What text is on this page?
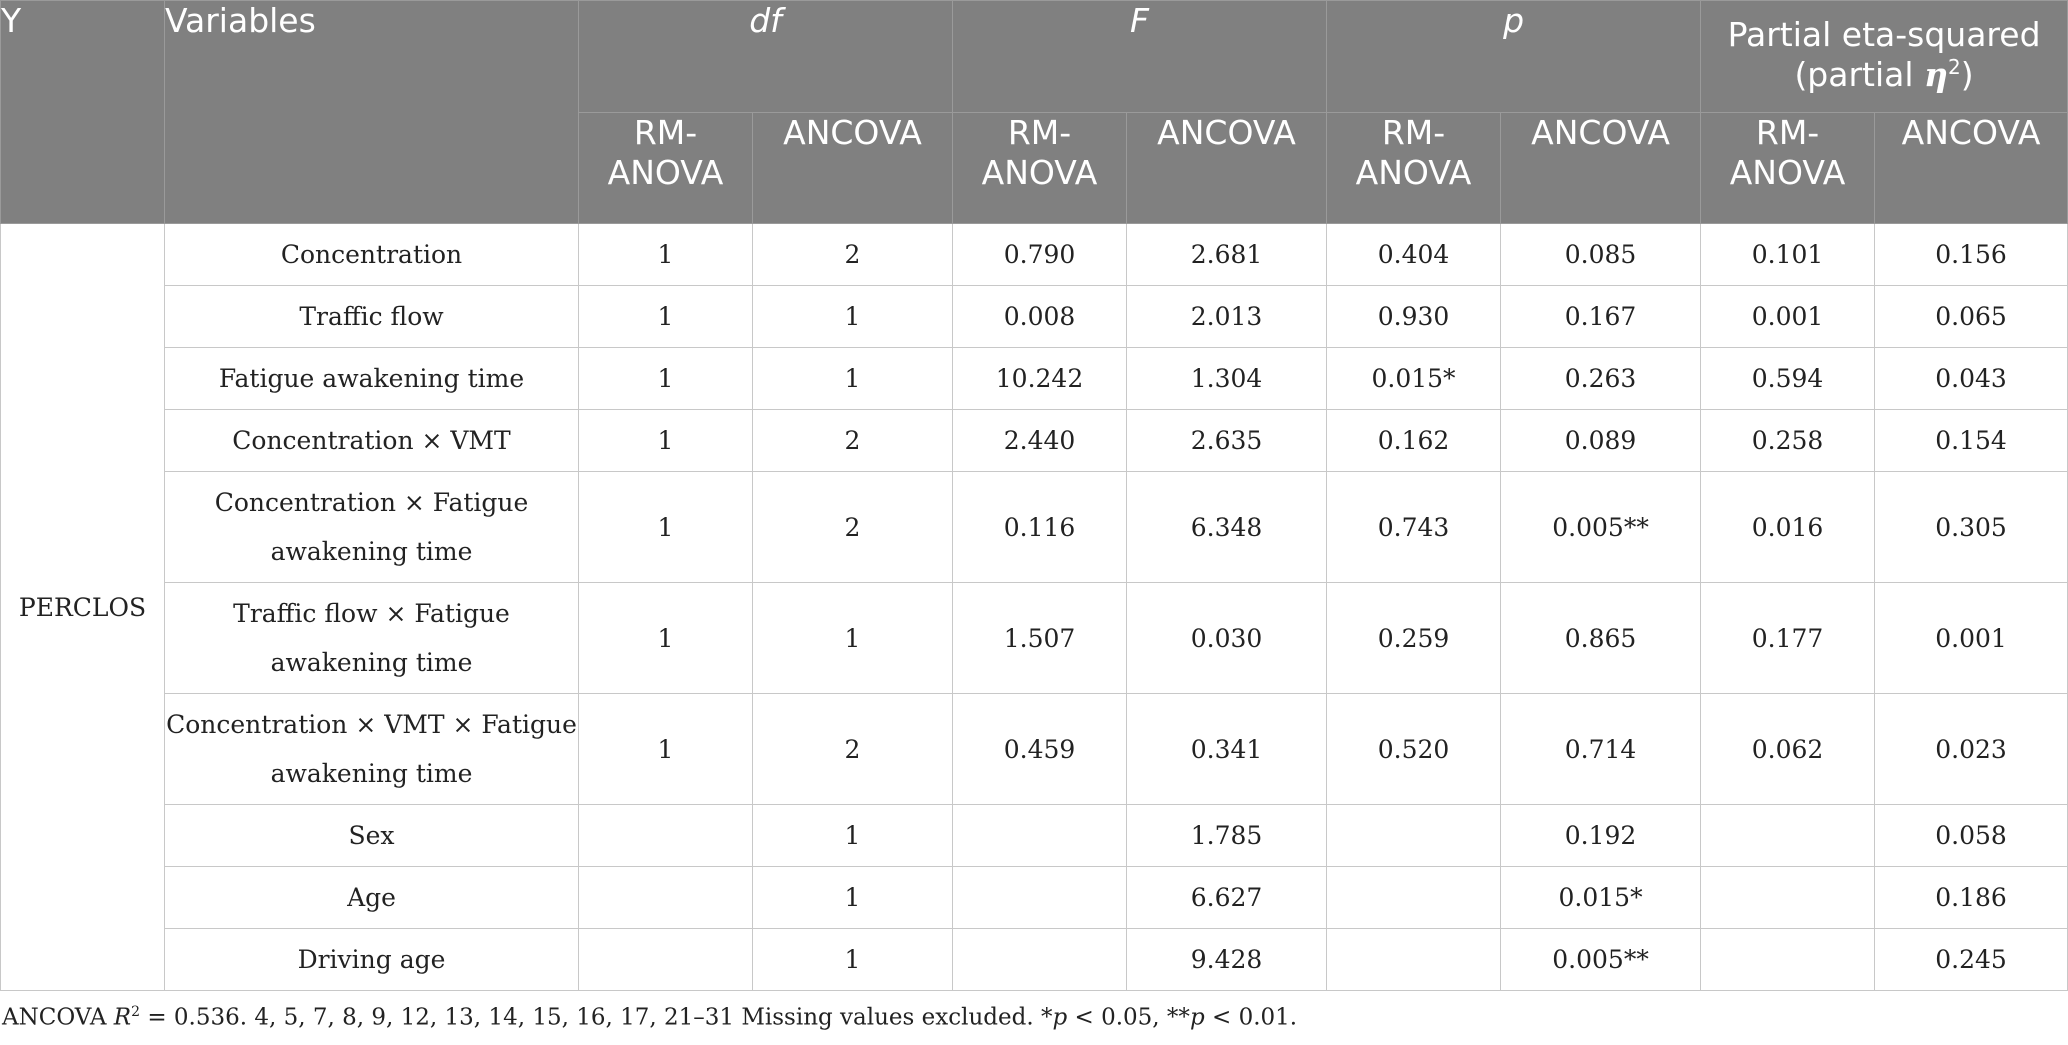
Y	Variables	df		F		p		Partial eta-squared
(partial $\eta^2$)	
		RM-ANOVA	ANCOVA	RM-ANOVA	ANCOVA	RM-ANOVA	ANCOVA	RM-ANOVA	ANCOVA
PERCLOS	Concentration	1	2	0.790	2.681	0.404	0.085	0.101	0.156
	Traffic flow	1	1	0.008	2.013	0.930	0.167	0.001	0.065
	Fatigue awakening time	1	1	10.242	1.304	0.015*	0.263	0.594	0.043
	Concentration × VMT	1	2	2.440	2.635	0.162	0.089	0.258	0.154
	Concentration × Fatigue awakening time	1	2	0.116	6.348	0.743	0.005**	0.016	0.305
	Traffic flow × Fatigue awakening time	1	1	1.507	0.030	0.259	0.865	0.177	0.001
	Concentration × VMT × Fatigue awakening time	1	2	0.459	0.341	0.520	0.714	0.062	0.023
	Sex		1		1.785		0.192		0.058
	Age		1		6.627		0.015*		0.186
	Driving age		1		9.428		0.005**		0.245
ANCOVA $R^2 = 0.536$. 4, 5, 7, 8, 9, 12, 13, 14, 15, 16, 17, 21–31 Missing values excluded. *p < 0.05, **p < 0.01.
